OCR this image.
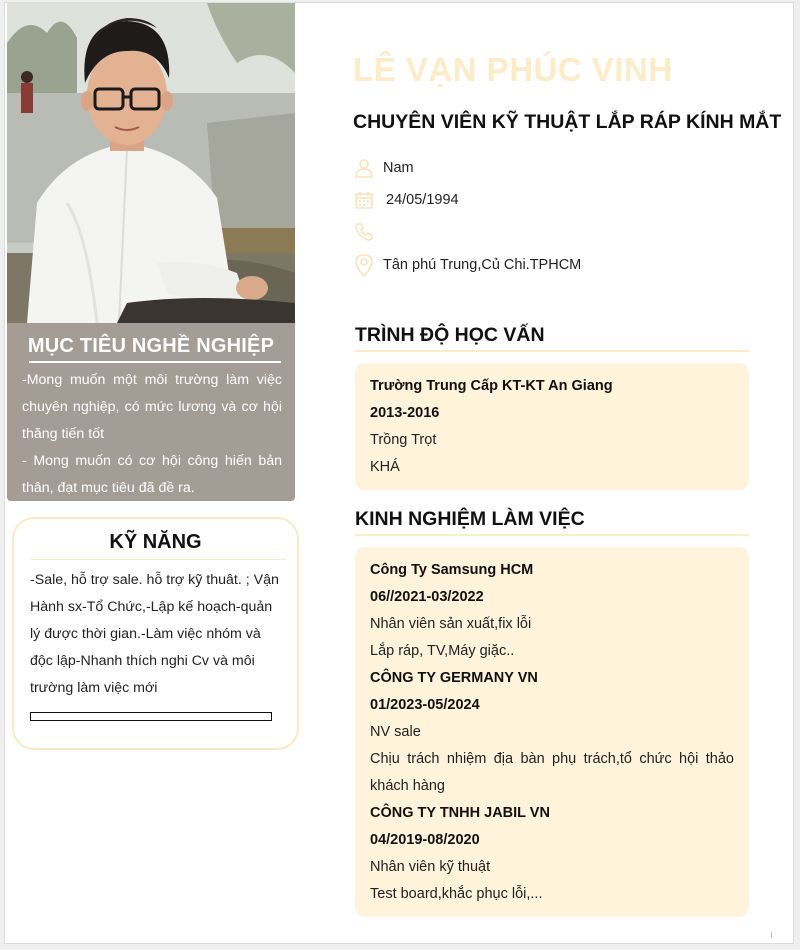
MỤC TIÊU NGHỀ NGHIỆP

-Mong muốn một môi trường làm việc chuyên nghiệp, có mức lương và cơ hội thăng tiến tốt
- Mong muốn có cơ hội công hiến bản thân, đạt mục tiêu đã đề ra.

KỸ NĂNG

-Sale, hỗ trợ sale. hỗ trợ kỹ thuât. ; Vận Hành sx-Tổ Chức,-Lập kế hoạch-quản lý được thời gian.-Làm việc nhóm và độc lập-Nhanh thích nghi Cv và môi trường làm việc mới

LÊ VẠN PHÚC VINH
CHUYÊN VIÊN KỸ THUẬT LẮP RÁP KÍNH MẮT
Nam
24/05/1994
Tân phú Trung,Củ Chi.TPHCM
TRÌNH ĐỘ HỌC VẤN
Trường Trung Cấp KT-KT An Giang
2013-2016
Trồng Trọt
KHÁ
KINH NGHIỆM LÀM VIỆC
Công Ty Samsung HCM
06//2021-03/2022
Nhân viên sản xuất,fix lỗi
Lắp ráp, TV,Máy giặc..
CÔNG TY GERMANY VN
01/2023-05/2024
NV sale
Chịu trách nhiệm địa bàn phụ trách,tổ chức hội thảo khách hàng
CÔNG TY TNHH JABIL VN
04/2019-08/2020
Nhân viên kỹ thuật
Test board,khắc phục lỗi,...
